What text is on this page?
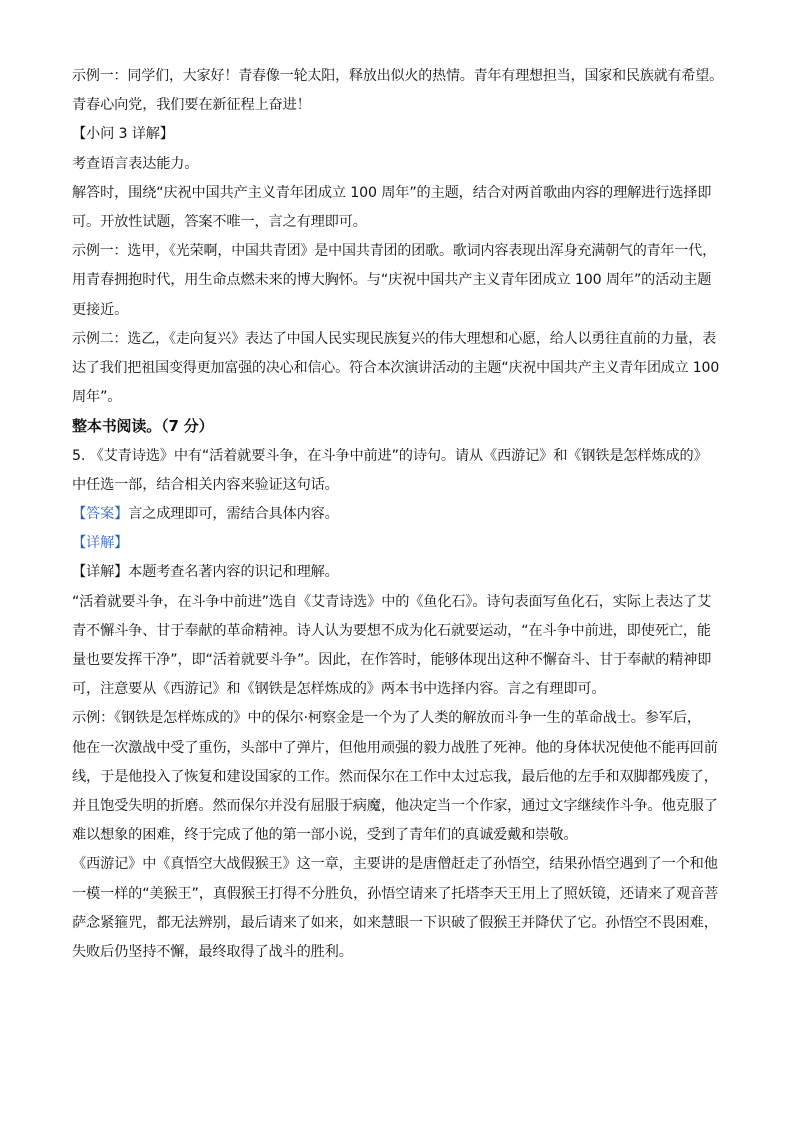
示例一：同学们，大家好！青春像一轮太阳，释放出似火的热情。青年有理想担当，国家和民族就有希望。

青春心向党，我们要在新征程上奋进！

【小问 3 详解】

考查语言表达能力。

解答时，围绕“庆祝中国共产主义青年团成立 100 周年”的主题，结合对两首歌曲内容的理解进行选择即

可。开放性试题，答案不唯一，言之有理即可。

示例一：选甲，《光荣啊，中国共青团》是中国共青团的团歌。歌词内容表现出浑身充满朝气的青年一代，

用青春拥抱时代，用生命点燃未来的博大胸怀。与“庆祝中国共产主义青年团成立 100 周年”的活动主题

更接近。

示例二：选乙，《走向复兴》表达了中国人民实现民族复兴的伟大理想和心愿，给人以勇往直前的力量，表

达了我们把祖国变得更加富强的决心和信心。符合本次演讲活动的主题“庆祝中国共产主义青年团成立 100

周年”。

整本书阅读。（7 分）

5. 《艾青诗选》中有“活着就要斗争，在斗争中前进”的诗句。请从《西游记》和《钢铁是怎样炼成的》

中任选一部，结合相关内容来验证这句话。

【答案】言之成理即可，需结合具体内容。

【详解】

【详解】本题考查名著内容的识记和理解。

“活着就要斗争，在斗争中前进”选自《艾青诗选》中的《鱼化石》。诗句表面写鱼化石，实际上表达了艾

青不懈斗争、甘于奉献的革命精神。诗人认为要想不成为化石就要运动，“在斗争中前进，即使死亡，能

量也要发挥干净”，即“活着就要斗争”。因此，在作答时，能够体现出这种不懈奋斗、甘于奉献的精神即

可，注意要从《西游记》和《钢铁是怎样炼成的》两本书中选择内容。言之有理即可。

示例：《钢铁是怎样炼成的》中的保尔·柯察金是一个为了人类的解放而斗争一生的革命战士。参军后，

他在一次激战中受了重伤，头部中了弹片，但他用顽强的毅力战胜了死神。他的身体状况使他不能再回前

线，于是他投入了恢复和建设国家的工作。然而保尔在工作中太过忘我，最后他的左手和双脚都残废了，

并且饱受失明的折磨。然而保尔并没有屈服于病魔，他决定当一个作家，通过文字继续作斗争。他克服了

难以想象的困难，终于完成了他的第一部小说，受到了青年们的真诚爱戴和崇敬。

《西游记》中《真悟空大战假猴王》这一章，主要讲的是唐僧赶走了孙悟空，结果孙悟空遇到了一个和他

一模一样的“美猴王”，真假猴王打得不分胜负，孙悟空请来了托塔李天王用上了照妖镜，还请来了观音菩

萨念紧箍咒，都无法辨别，最后请来了如来，如来慧眼一下识破了假猴王并降伏了它。孙悟空不畏困难，

失败后仍坚持不懈，最终取得了战斗的胜利。
